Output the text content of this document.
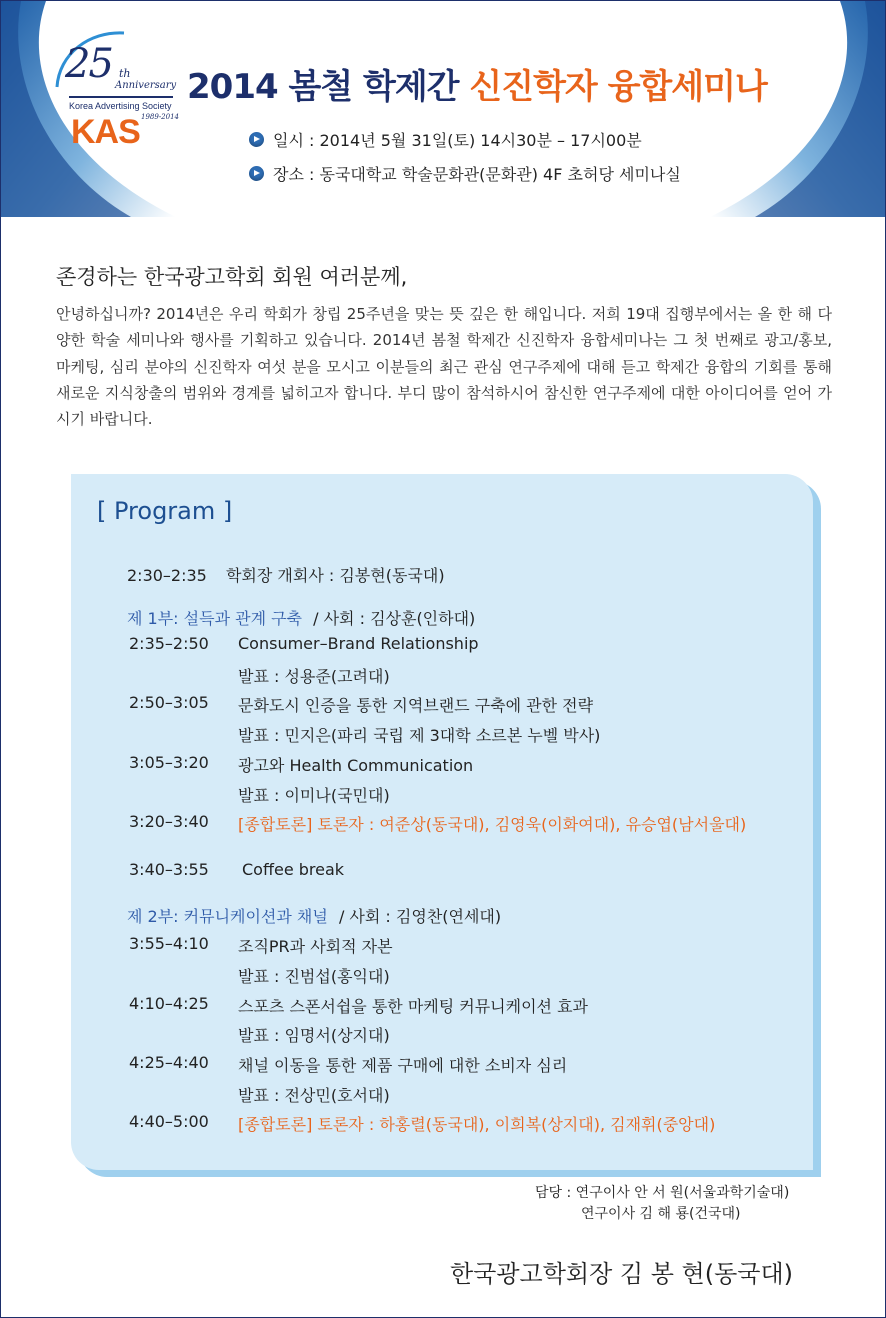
25 th
Anniversary
Korea Advertising Society
1989-2014
KAS
2014 봄철 학제간 신진학자 융합세미나
일시 : 2014년 5월 31일(토) 14시30분 – 17시00분
장소 : 동국대학교 학술문화관(문화관) 4F 초허당 세미나실
존경하는 한국광고학회 회원 여러분께,
안녕하십니까? 2014년은 우리 학회가 창립 25주년을 맞는 뜻 깊은 한 해입니다. 저희 19대 집행부에서는 올 한 해 다양한 학술 세미나와 행사를 기획하고 있습니다. 2014년 봄철 학제간 신진학자 융합세미나는 그 첫 번째로 광고/홍보, 마케팅, 심리 분야의 신진학자 여섯 분을 모시고 이분들의 최근 관심 연구주제에 대해 듣고 학제간 융합의 기회를 통해 새로운 지식창출의 범위와 경계를 넓히고자 합니다. 부디 많이 참석하시어 참신한 연구주제에 대한 아이디어를 얻어 가시기 바랍니다.
[ Program ]
2:30–2:35 학회장 개회사 : 김봉현(동국대)
제 1부: 설득과 관계 구축 / 사회 : 김상훈(인하대)
2:35–2:50 Consumer–Brand Relationship
발표 : 성용준(고려대)
2:50–3:05 문화도시 인증을 통한 지역브랜드 구축에 관한 전략
발표 : 민지은(파리 국립 제 3대학 소르본 누벨 박사)
3:05–3:20 광고와 Health Communication
발표 : 이미나(국민대)
3:20–3:40 [종합토론] 토론자 : 여준상(동국대), 김영욱(이화여대), 유승엽(남서울대)
3:40–3:55 Coffee break
제 2부: 커뮤니케이션과 채널 / 사회 : 김영찬(연세대)
3:55–4:10 조직PR과 사회적 자본
발표 : 진범섭(홍익대)
4:10–4:25 스포츠 스폰서쉽을 통한 마케팅 커뮤니케이션 효과
발표 : 임명서(상지대)
4:25–4:40 채널 이동을 통한 제품 구매에 대한 소비자 심리
발표 : 전상민(호서대)
4:40–5:00 [종합토론] 토론자 : 하홍렬(동국대), 이희복(상지대), 김재휘(중앙대)
담당 : 연구이사 안 서 원(서울과학기술대)
연구이사 김 해 룡(건국대)
한국광고학회장 김 봉 현(동국대)
